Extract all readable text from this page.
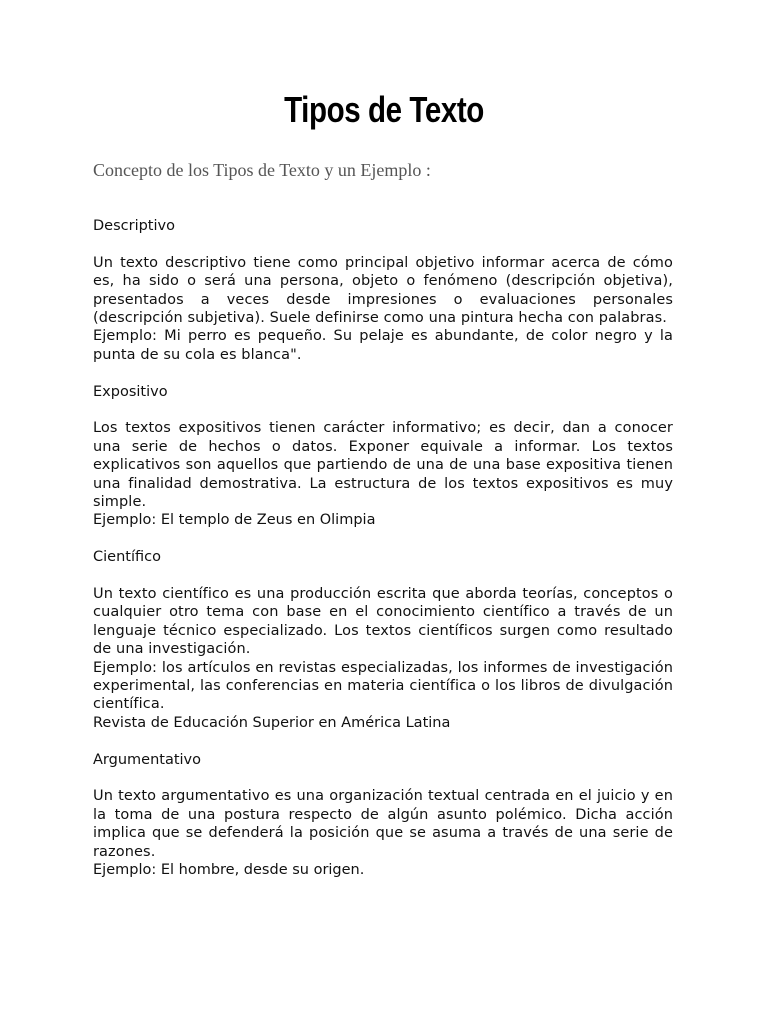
Tipos de Texto

Concepto de los Tipos de Texto y un Ejemplo :

Descriptivo

Un texto descriptivo tiene como principal objetivo informar acerca de cómo es, ha sido o será una persona, objeto o fenómeno (descripción objetiva), presentados a veces desde impresiones o evaluaciones personales (descripción subjetiva). Suele definirse como una pintura hecha con palabras.

Ejemplo: Mi perro es pequeño. Su pelaje es abundante, de color negro y la punta de su cola es blanca".

Expositivo

Los textos expositivos tienen carácter informativo; es decir, dan a conocer una serie de hechos o datos. Exponer equivale a informar. Los textos explicativos son aquellos que partiendo de una de una base expositiva tienen una finalidad demostrativa. La estructura de los textos expositivos es muy simple.

Ejemplo: El templo de Zeus en Olimpia

Científico

Un texto científico es una producción escrita que aborda teorías, conceptos o cualquier otro tema con base en el conocimiento científico a través de un lenguaje técnico especializado. Los textos científicos surgen como resultado de una investigación.

Ejemplo: los artículos en revistas especializadas, los informes de investigación experimental, las conferencias en materia científica o los libros de divulgación científica.

Revista de Educación Superior en América Latina

Argumentativo

Un texto argumentativo es una organización textual centrada en el juicio y en la toma de una postura respecto de algún asunto polémico. Dicha acción implica que se defenderá la posición que se asuma a través de una serie de razones.

Ejemplo: El hombre, desde su origen.
